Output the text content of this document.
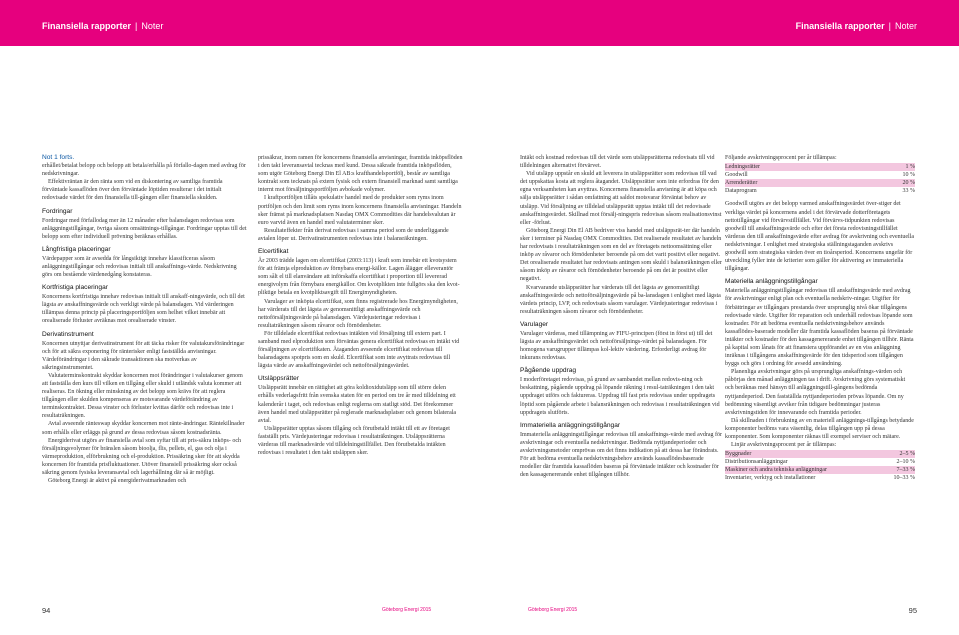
Finansiella rapporter | Noter	Finansiella rapporter | Noter
Not 1 forts.

erhållet/betalat belopp och belopp att betala/erhålla på förfallo-dagen med avdrag för nedskrivningar.

Effektivräntan är den ränta som vid en diskontering av samtliga framtida förväntade kassaflöden över den förväntade löptiden resulterar i det initialt redovisade värdet för den finansiella till-gången eller finansiella skulden.

Fordringar

Fordringar med förfallodag mer än 12 månader efter balansdagen redovisas som anläggningstillgångar, övriga såsom omsättnings-tillgångar. Fordringar upptas till det belopp som efter individuell prövning beräknas erhållas.

Långfristiga placeringar

Värdepapper som är avsedda för långsiktigt innehav klassificeras såsom anläggningstillgångar och redovisas initialt till anskaffnings-värde. Nedskrivning görs om bestående värdenedgång konstateras.

Kortfristiga placeringar

Koncernens kortfristiga innehav redovisas initialt till anskaff-ningsvärde, och till det lägsta av anskaffningsvärde och verkligt värde på balansdagen. Vid värderingen tillämpas denna princip på placeringsportföljen som helhet vilket innebär att orealiserade förluster avräknas mot orealiserade vinster.

Derivatinstrument

Koncernen utnyttjar derivatinstrument för att täcka risker för valutakursförändringar och för att säkra exponering för ränterisker enligt fastställda anvisningar. Värdeförändringar i den säkrade transaktionen ska motverkas av säkringsinstrumentet.

Valutaterminskontrakt skyddar koncernen mot förändringar i valutakurser genom att fastställa den kurs till vilken en tillgång eller skuld i utländsk valuta kommer att realiseras. En ökning eller minskning av det belopp som krävs för att reglera tillgången eller skulden kompenseras av motsvarande värdeförändring av terminskontraktet. Dessa vinster och förluster kvittas därför och redovisas inte i resultaträkningen.

Avtal avseende ränteswap skyddar koncernen mot ränte-ändringar. Räntekillnader som erhålls eller erläggs på grund av dessa redovisas såsom kostnadsränta.

Energiderivat utgörs av finansiella avtal som syftar till att pris-säkra inköps- och försäljningsvolymer för bränslen såsom biooljа, flis, pellets, el, gas och olja i värmeproduktion, elförbrukning och el-produktion. Prissäkring sker för att skydda koncernen för framtida prisfluktuationer. Utöver finansiell prissäkring sker också säkring genom fysiska leveransavtal och lagerhållning där så är möjligt.

Göteborg Energi är aktivt på energiderivatmarknaden och

prissäkrar, inom ramen för koncernens finansiella anvisningar, framtida inköpsflöden i den takt leveransavtal tecknas med kund. Dessa säkrade framtida inköpsflöden, som utgör Göteborg Energi Din El AB:s krafthandelsportfölj, består av samtliga kontrakt som tecknats på extern fysisk och extern finansiell marknad samt samtliga internt mot försäljningsportföljen avbokade volymer.

I kraftportföljen tillåts spekulativ handel med de produkter som ryms inom portföljen och den limit som ryms inom koncernens finansiella anvisningar. Handeln sker främst på marknadsplatsen Nasdaq OMX Commodities där handelsvalutan är euro varvid även en handel med valutaterminer sker.

Resultateffekter från derivat redovisas i samma period som de underliggande avtalen löper ut. Derivatinstrumenten redovisas inte i balansräkningen.

Elcertifikat

År 2003 trädde lagen om elcertifikat (2003:113) i kraft som innebär ett kvotsystem för att främja elproduktion av förnybara energi-källor. Lagen ålägger elleverantör som sålt el till elanvändare att införskaffa elcertifikat i proportion till levererad energivolym från förnybara energikällor. Om kvotplikten inte fullgörs ska den kvot-pliktige betala en kvotpliktsavgift till Energimyndigheten.

Varulager av inköpta elcertifikat, som finns registrerade hos Energimyndigheten, har värderats till det lägsta av genomsnittligt anskaffningsvärde och nettoförsäljningsvärde på balansdagen. Värdejusteringar redovisas i resultaträkningen såsom råvaror och förnödenheter.

För tilldelade elcertifikat redovisas intäkten vid försäljning till extern part. I samband med elproduktion som förväntas genera elcertifikat redovisas en intäkt vid försäljningen av elcertifikaten. Åtaganden avseende elcertifikat redovisas till balansdagens spotpris som en skuld. Elcertifikat som inte avyttrats redovisas till lägsta värde av anskaffningsvärdet och nettoförsäljningsvärdet.

Utsläppsrätter

Utsläppsrätt innebär en rättighet att göra koldioxidutsläpp som till större delen erhålls vederlagsfritt från svenska staten för en period om tre år med tilldelning ett kalenderår i taget, och redovisas enligt reglerna om statligt stöd. Det förekommer även handel med utsläppsrätter på reglerade marknadsplatser och genom bilaterala avtal.

Utsläppsrätter upptas såsom tillgång och förutbetald intäkt till ett av företaget fastställt pris. Värdejusteringar redovisas i resultaträkningen. Utsläppsrätterna värderas till marknadsvärde vid tilldelningstillfället. Den förutbetalda intäkten redovisas i resultatet i den takt utsläppen sker.

Intäkt och kostnad redovisas till det värde som utsläppsrätterna redovisats till vid tilldelningen alternativt förvärvet.

Vid utsläpp uppstår en skuld att leverera in utsläppsrätter som redovisas till vad det uppskattas kosta att reglera åtagandet. Utsläppsrätter som inte erfordras för den egna verksamheten kan avyttras. Koncernens finansiella anvisning är att köpa och sälja utsläppsrätter i sådan omfattning att saldot motsvarar förväntat behov av utsläpp. Vid försäljning av tilldelad utsläppsrätt upptas intäkt till det redovisade anskaffningsvärdet. Skillnad mot försälj-ningspris redovisas såsom realisationsvinst eller -förlust.

Göteborg Energi Din El AB bedriver viss handel med utsläppsrät-ter där handeln sker i terminer på Nasdaq OMX Commodities. Det realiserade resultatet av handeln har redovisats i resultaträkningen som en del av företagets nettoomsättning eller inköp av råvaror och förnödenheter beroende på om det varit positivt eller negativt. Det orealiserade resultatet har redovisats antingen som skuld i balansräkningen eller såsom inköp av råvaror och förnödenheter beroende på om det är positivt eller negativt.

Kvarvarande utsläppsrätter har värderats till det lägsta av genomsnittligt anskaffningsvärde och nettoförsäljningsvärde på ba-lansdagen i enlighet med lägsta värdets princip, LVP, och redovisats såsom varulager. Värdejusteringar redovisas i resultaträkningen såsom råvaror och förnödenheter.

Varulager

Varulager värderas, med tillämpning av FIFU-principen (först in först ut) till det lägsta av anskaffningsvärdet och nettoförsäljnings-värdet på balansdagen. För homogena varugrupper tillämpas kol-lektiv värdering. Erforderligt avdrag för inkurans redovisas.

Pågående uppdrag

I moderföretaget redovisas, på grund av sambandet mellan redovis-ning och beskattning, pågående uppdrag på löpande räkning i resul-taträkningen i den takt uppdraget utförs och faktureras. Uppdrag till fast pris redovisas under uppdragets löptid som pågående arbete i balansräkningen och redovisas i resultaträkningen vid uppdragets slutförts.

Immateriella anläggningstillgångar

Immateriella anläggningstillgångar redovisas till anskaffnings-värde med avdrag för avskrivningar och eventuella nedskrivningar. Bedömda nyttjandeperioder och avskrivningsmetoder omprövas om det finns indikation på att dessa har förändrats. För att bedöma eventuella nedskrivningsbehov används kassaflödesbaserade modeller där framtida kassaflöden baseras på förväntade intäkter och kostnader för den kassagenererande enhet tillgången tillhör.

Följande avskrivningsprocent per år tillämpas:

Ledningsrätter	1 %
Goodwill	10 %
Arrenderätter	20 %
Dataprogram	33 %

Goodwill utgörs av det belopp varmed anskaffningsvärdet över-stiger det verkliga värdet på koncernens andel i det förvärvade dotterföretagets nettotillgångar vid förvärvstillfället. Vid förvärvs-tidpunkten redovisas goodwill till anskaffningsvärde och efter det första redovisningstillfället värderas den till anskaffningsvärde efter avdrag för avskrivning och eventuella nedskrivningar. I enlighet med strategiska ställningstaganden avskrivs goodwill som strategiska värden över en tioårsperiod. Koncernens ungefär för utveckling fyller inte de kriterier som gäller för aktivering av immateriella tillgångar.

Materiella anläggningstillgångar

Materiella anläggningstillgångar redovisas till anskaffningsvärde med avdrag för avskrivningar enligt plan och eventuella nedskriv-ningar. Utgifter för förbättringar av tillgångars prestanda över ursprunglig nivå ökar tillgångens redovisade värde. Utgifter för reparation och underhåll redovisas löpande som kostnader. För att bedöma eventuella nedskrivningsbehov används kassaflödes-baserade modeller där framtida kassaflöden baseras på förväntade intäkter och kostnader för den kassagenererande enhet tillgången tillhör. Ränta på kapital som lånats för att finansiera uppförandet av en viss anläggning inräknas i tillgångens anskaffningsvärde för den tidsperiod som tillgången byggs och görs i ordning för avsedd användning.

Planenliga avskrivningar görs på ursprungliga anskaffnings-värden och påbörjas den månad anläggningen tas i drift. Avskrivning görs systematiskt och beräknas med hänsyn till anläggningstill-gångens bedömda nyttjandeperiod. Den fastställda nyttjandeperioden prövas löpande. Om ny bedömning väsentligt avviker från tidigare bedömningar justeras avskrivningstiden för innevarande och framtida perioder.

Då skillnaden i förbrukning av en materiell anläggnings-tillgångs betydande komponenter bedöms vara väsentlig, delas tillgången upp på dessa komponenter. Som komponenter räknas till exempel serviser och mätare.

Linjär avskrivningsprocent per år tillämpas:

Byggnader	2–5 %
Distributionsanläggningar	2–10 %
Maskiner och andra tekniska anläggningar	7–33 %
Inventarier, verktyg och installationer	10–33 %
94	Göteborg Energi 2015	Göteborg Energi 2015	95
